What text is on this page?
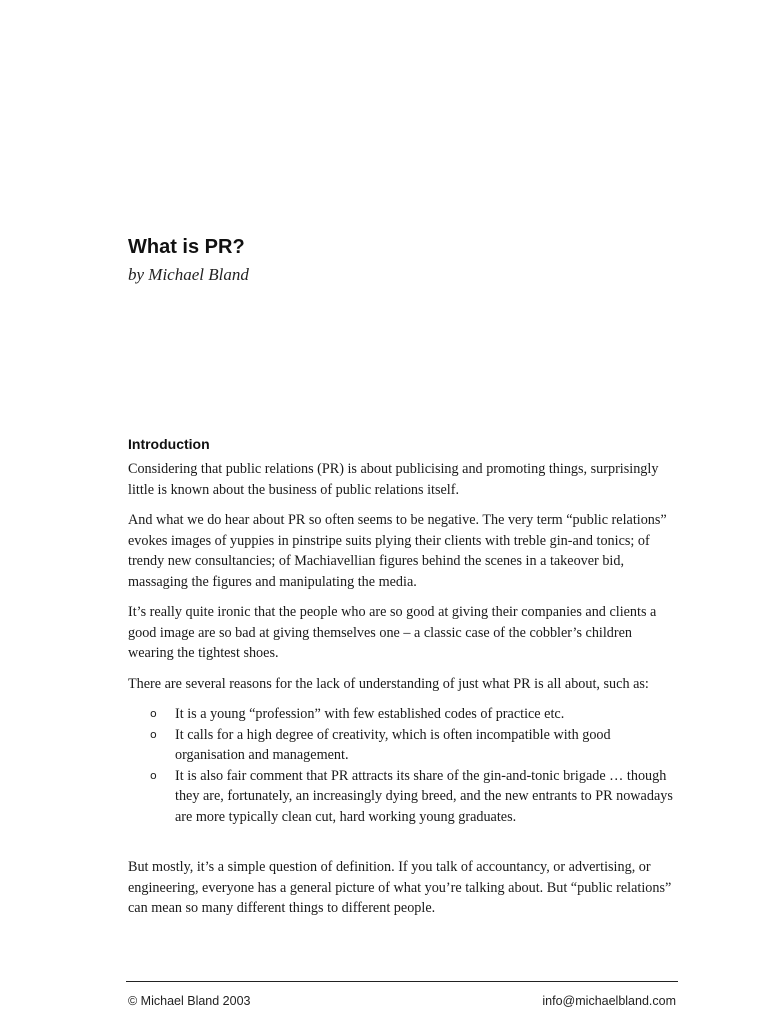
What is PR?

by Michael Bland

Introduction

Considering that public relations (PR) is about publicising and promoting things, surprisingly little is known about the business of public relations itself.

And what we do hear about PR so often seems to be negative. The very term “public relations” evokes images of yuppies in pinstripe suits plying their clients with treble gin-and tonics; of trendy new consultancies; of Machiavellian figures behind the scenes in a takeover bid, massaging the figures and manipulating the media.

It’s really quite ironic that the people who are so good at giving their companies and clients a good image are so bad at giving themselves one – a classic case of the cobbler’s children wearing the tightest shoes.

There are several reasons for the lack of understanding of just what PR is all about, such as:

o It is a young “profession” with few established codes of practice etc.
o It calls for a high degree of creativity, which is often incompatible with good organisation and management.
o It is also fair comment that PR attracts its share of the gin-and-tonic brigade … though they are, fortunately, an increasingly dying breed, and the new entrants to PR nowadays are more typically clean cut, hard working young graduates.

But mostly, it’s a simple question of definition. If you talk of accountancy, or advertising, or engineering, everyone has a general picture of what you’re talking about. But “public relations” can mean so many different things to different people.

© Michael Bland 2003	info@michaelbland.com
